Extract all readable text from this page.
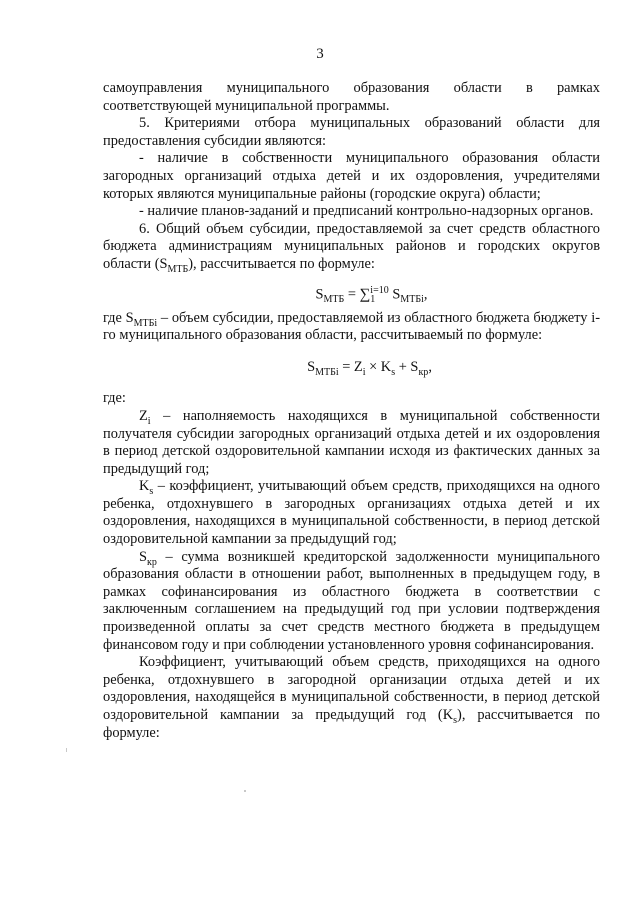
3

самоуправления муниципального образования области в рамках соответствующей муниципальной программы.

5. Критериями отбора муниципальных образований области для предоставления субсидии являются:

- наличие в собственности муниципального образования области загородных организаций отдыха детей и их оздоровления, учредителями которых являются муниципальные районы (городские округа) области;

- наличие планов-заданий и предписаний контрольно-надзорных органов.

6. Общий объем субсидии, предоставляемой за счет средств областного бюджета администрациям муниципальных районов и городских округов области $(S_{МТБ})$, рассчитывается по формуле:

$S_{МТБ}$ = ∑ i=10
1 $S_{МТБi}$,

где $S_{МТБi}$ – объем субсидии, предоставляемой из областного бюджета бюджету i-го муниципального образования области, рассчитываемый по формуле:

$S_{МТБi} = Z_i \times K_s + S_{кр}$,

где:

$Z_i$ – наполняемость находящихся в муниципальной собственности получателя субсидии загородных организаций отдыха детей и их оздоровления в период детской оздоровительной кампании исходя из фактических данных за предыдущий год;

$K_s$ – коэффициент, учитывающий объем средств, приходящихся на одного ребенка, отдохнувшего в загородных организациях отдыха детей и их оздоровления, находящихся в муниципальной собственности, в период детской оздоровительной кампании за предыдущий год;

$S_{кр}$ – сумма возникшей кредиторской задолженности муниципального образования области в отношении работ, выполненных в предыдущем году, в рамках софинансирования из областного бюджета в соответствии с заключенным соглашением на предыдущий год при условии подтверждения произведенной оплаты за счет средств местного бюджета в предыдущем финансовом году и при соблюдении установленного уровня софинансирования.

Коэффициент, учитывающий объем средств, приходящихся на одного ребенка, отдохнувшего в загородной организации отдыха детей и их оздоровления, находящейся в муниципальной собственности, в период детской оздоровительной кампании за предыдущий год $(K_s)$, рассчитывается по формуле:
